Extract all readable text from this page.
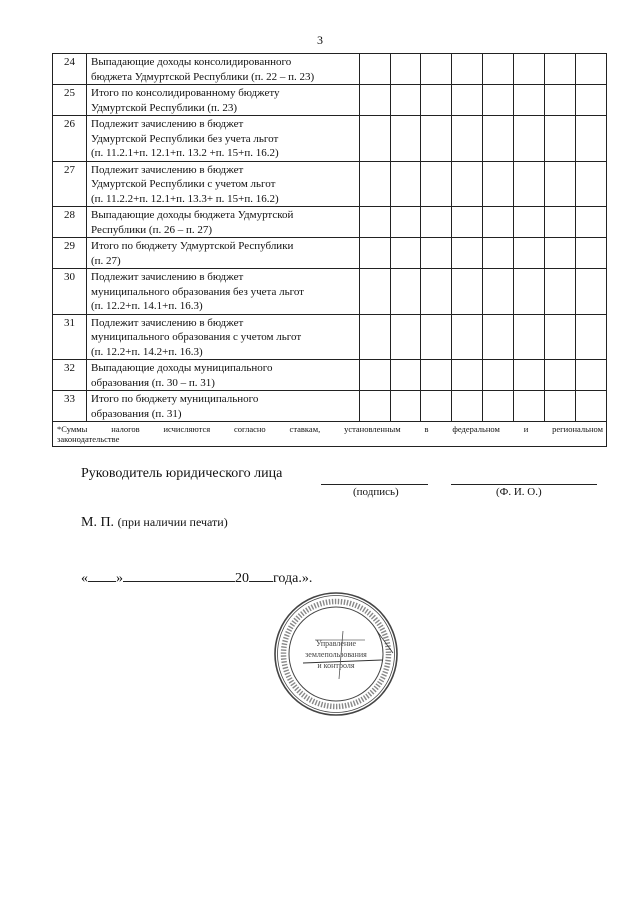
3
24	Выпадающие доходы консолидированного
бюджета Удмуртской Республики (п. 22 – п. 23)								

25	Итого по консолидированному бюджету
Удмуртской Республики (п. 23)								

26	Подлежит зачислению в бюджет
Удмуртской Республики без учета льгот
(п. 11.2.1+п. 12.1+п. 13.2 +п. 15+п. 16.2)								

27	Подлежит зачислению в бюджет
Удмуртской Республики с учетом льгот
(п. 11.2.2+п. 12.1+п. 13.3+ п. 15+п. 16.2)								

28	Выпадающие доходы бюджета Удмуртской
Республики (п. 26 – п. 27)								

29	Итого по бюджету Удмуртской Республики
(п. 27)								

30	Подлежит зачислению в бюджет
муниципального образования без учета льгот
(п. 12.2+п. 14.1+п. 16.3)								

31	Подлежит зачислению в бюджет
муниципального образования с учетом льгот
(п. 12.2+п. 14.2+п. 16.3)								

32	Выпадающие доходы муниципального
образования (п. 30 – п. 31)								

33	Итого по бюджету муниципального
образования (п. 31)								

*Суммы налогов исчисляются согласно ставкам, установленным в федеральном и региональном
законодательстве									
Руководитель юридического лица
(подпись)	(Ф. И. О.)
М. П. (при наличии печати)
« »	20 года.».
Управление
землепользования
и контроля
